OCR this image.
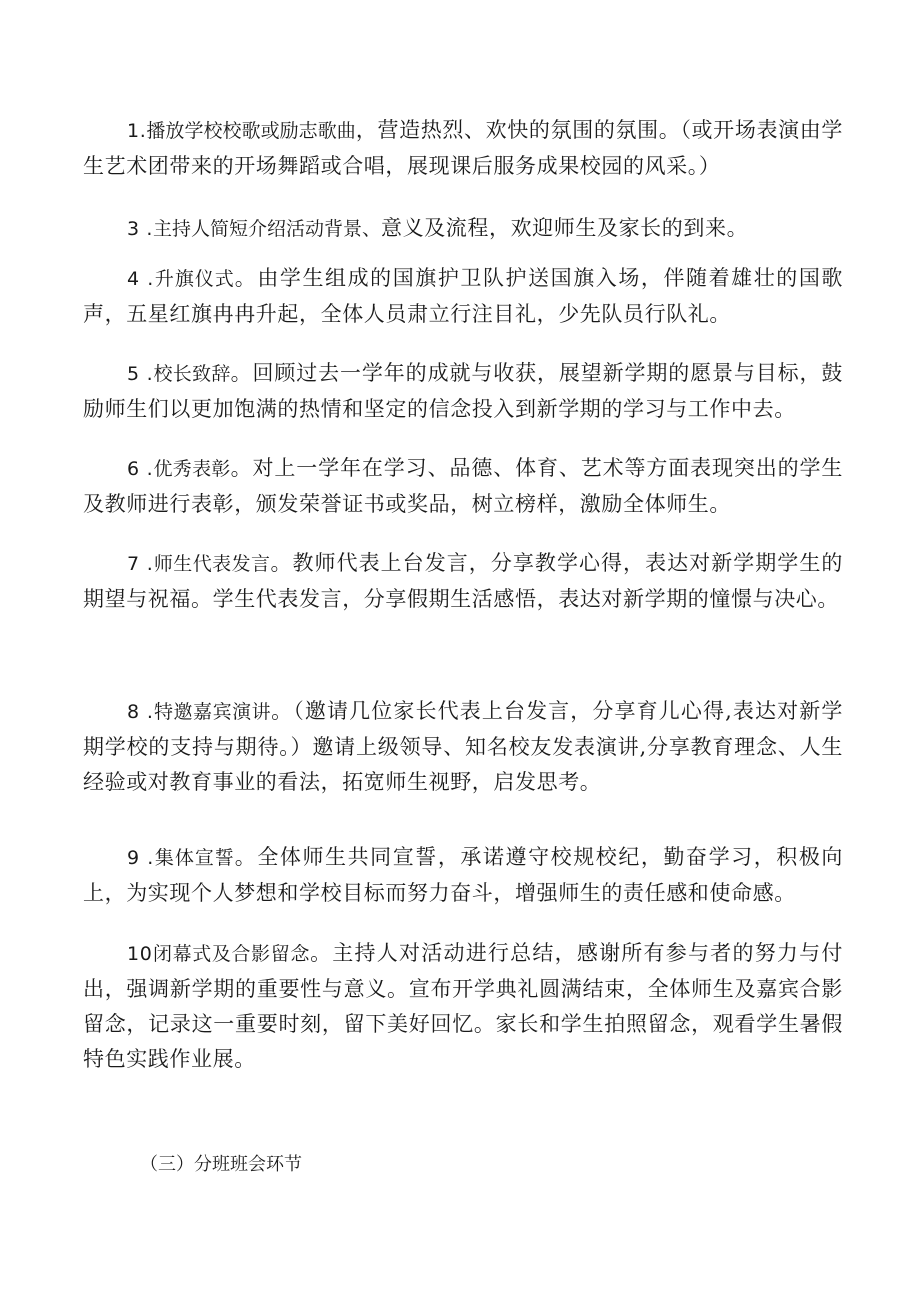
1.播放学校校歌或励志歌曲，营造热烈、欢快的氛围的氛围。（或开场表演由学生艺术团带来的开场舞蹈或合唱，展现课后服务成果校园的风采。）

3 .主持人简短介绍活动背景、意义及流程，欢迎师生及家长的到来。

4 .升旗仪式。由学生组成的国旗护卫队护送国旗入场，伴随着雄壮的国歌声，五星红旗冉冉升起，全体人员肃立行注目礼，少先队员行队礼。

5 .校长致辞。回顾过去一学年的成就与收获，展望新学期的愿景与目标，鼓励师生们以更加饱满的热情和坚定的信念投入到新学期的学习与工作中去。

6 .优秀表彰。对上一学年在学习、品德、体育、艺术等方面表现突出的学生及教师进行表彰，颁发荣誉证书或奖品，树立榜样，激励全体师生。

7 .师生代表发言。教师代表上台发言，分享教学心得，表达对新学期学生的期望与祝福。学生代表发言，分享假期生活感悟，表达对新学期的憧憬与决心。

8 .特邀嘉宾演讲。（邀请几位家长代表上台发言，分享育儿心得,表达对新学期学校的支持与期待。）邀请上级领导、知名校友发表演讲,分享教育理念、人生经验或对教育事业的看法，拓宽师生视野，启发思考。

9 .集体宣誓。全体师生共同宣誓，承诺遵守校规校纪，勤奋学习，积极向上，为实现个人梦想和学校目标而努力奋斗，增强师生的责任感和使命感。

10闭幕式及合影留念。主持人对活动进行总结，感谢所有参与者的努力与付出，强调新学期的重要性与意义。宣布开学典礼圆满结束，全体师生及嘉宾合影留念，记录这一重要时刻，留下美好回忆。家长和学生拍照留念，观看学生暑假特色实践作业展。

（三）分班班会环节
